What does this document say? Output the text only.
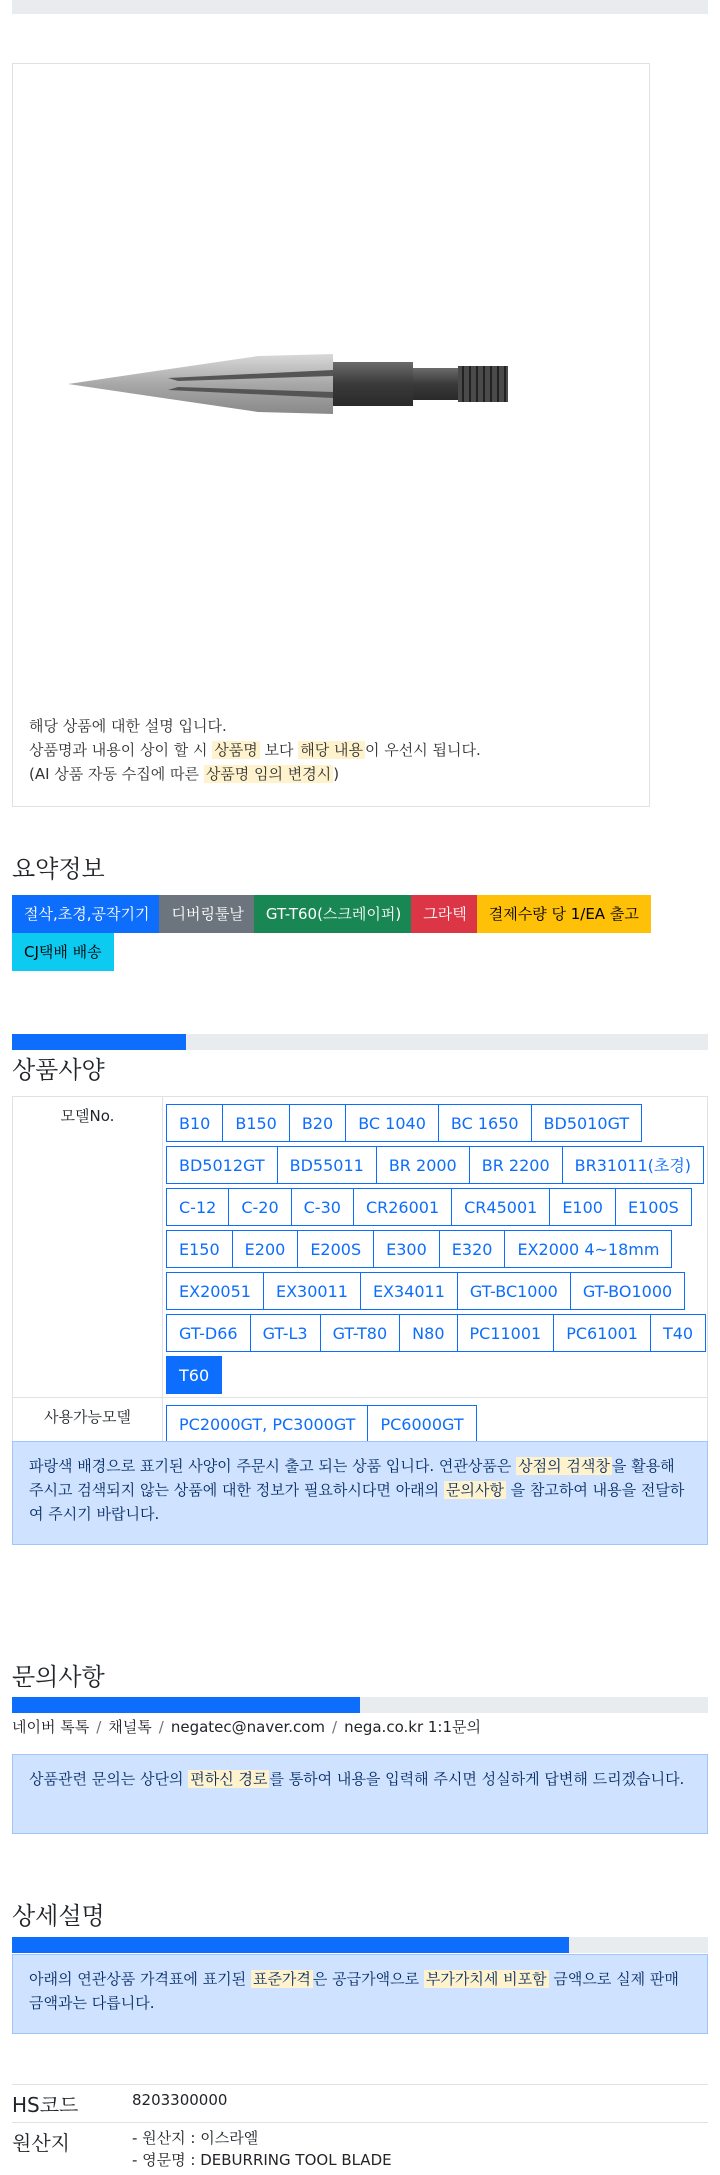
해당 상품에 대한 설명 입니다.
상품명과 내용이 상이 할 시 상품명 보다 해당 내용 이 우선시 됩니다.
(AI 상품 자동 수집에 따른 상품명 임의 변경시 )
요약정보
절삭,초경,공작기기 디버링툴날 GT-T60(스크레이퍼) 그라텍 결제수량 당 1/EA 출고CJ택배 배송
상품사양
모델No.	B10 B150 B20 BC 1040 BC 1650 BD5010GTBD5012GT BD55011 BR 2000 BR 2200 BR31011(초경)C-12 C-20 C-30 CR26001 CR45001 E100 E100SE150 E200 E200S E300 E320 EX2000 4~18mmEX20051 EX30011 EX34011 GT-BC1000 GT-BO1000GT-D66 GT-L3 GT-T80 N80 PC11001 PC61001 T40T60
사용가능모델	PC2000GT, PC3000GT PC6000GT
파랑색 배경으로 표기된 사양이 주문시 출고 되는 상품 입니다. 연관상품은 상점의 검색창 을 활용해 주시고 검색되지 않는 상품에 대한 정보가 필요하시다면 아래의 문의사항 을 참고하여 내용을 전달하여 주시기 바랍니다.
문의사항
네이버 톡톡 / 채널톡 / negatec@naver.com / nega.co.kr 1:1문의
상품관련 문의는 상단의 편하신 경로 를 통하여 내용을 입력해 주시면 성실하게 답변해 드리겠습니다.
상세설명
아래의 연관상품 가격표에 표기된 표준가격 은 공급가액으로 부가가치세 비포함 금액으로 실제 판매금액과는 다릅니다.
HS코드	8203300000
원산지	- 원산지 : 이스라엘
- 영문명 : DEBURRING TOOL BLADE
